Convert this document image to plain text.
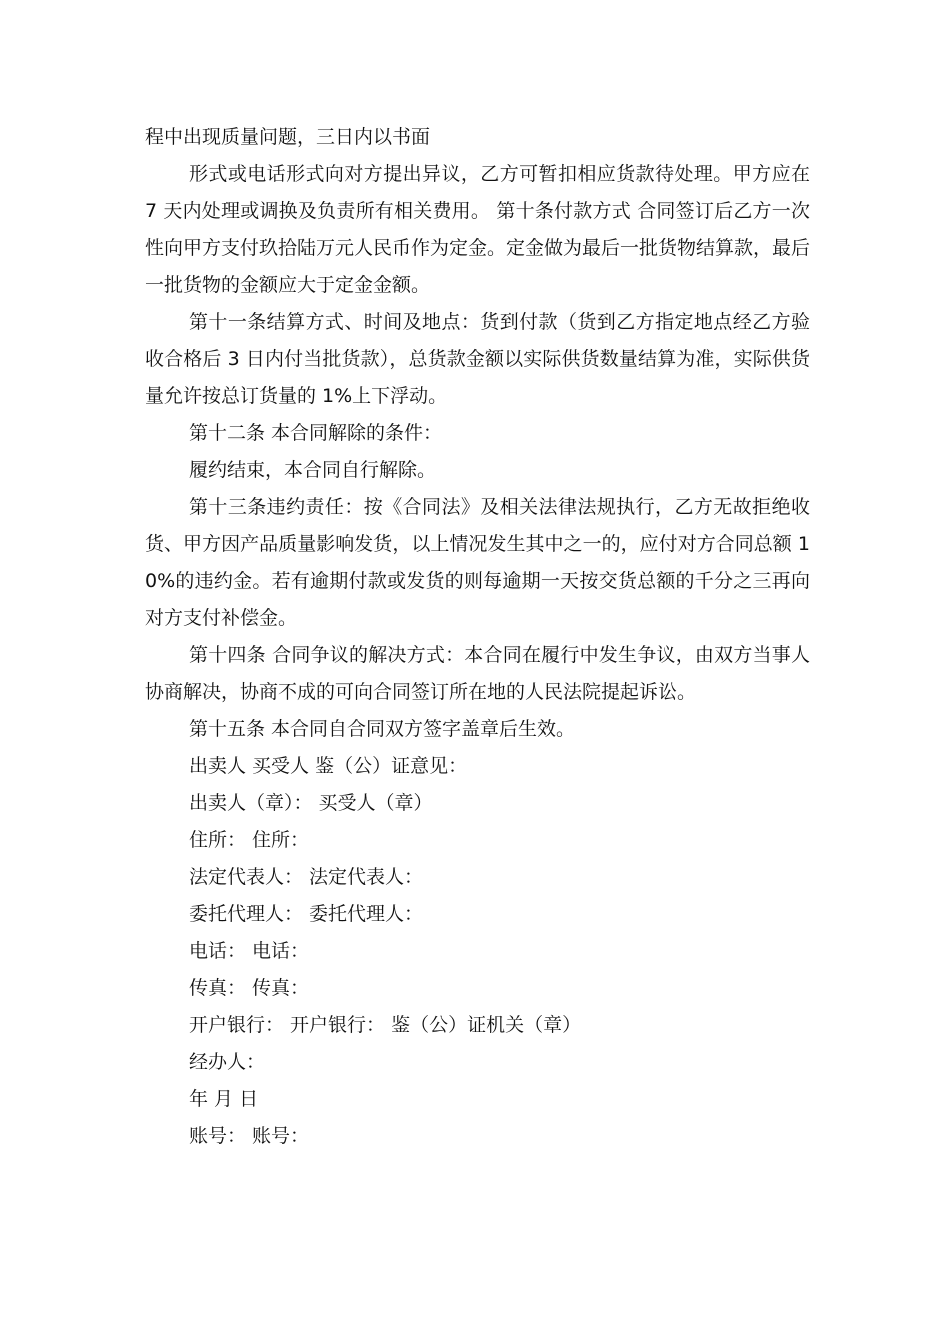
程中出现质量问题，三日内以书面

形式或电话形式向对方提出异议，乙方可暂扣相应货款待处理。甲方应在 7 天内处理或调换及负责所有相关费用。 第十条付款方式 合同签订后乙方一次性向甲方支付玖拾陆万元人民币作为定金。定金做为最后一批货物结算款，最后一批货物的金额应大于定金金额。

第十一条结算方式、时间及地点：货到付款（货到乙方指定地点经乙方验收合格后 3 日内付当批货款），总货款金额以实际供货数量结算为准，实际供货量允许按总订货量的 1%上下浮动。

第十二条 本合同解除的条件：

履约结束，本合同自行解除。

第十三条违约责任：按《合同法》及相关法律法规执行，乙方无故拒绝收货、甲方因产品质量影响发货，以上情况发生其中之一的，应付对方合同总额 10%的违约金。若有逾期付款或发货的则每逾期一天按交货总额的千分之三再向对方支付补偿金。

第十四条 合同争议的解决方式：本合同在履行中发生争议，由双方当事人协商解决，协商不成的可向合同签订所在地的人民法院提起诉讼。

第十五条 本合同自合同双方签字盖章后生效。

出卖人 买受人 鉴（公）证意见：

出卖人（章）： 买受人（章）

住所： 住所：

法定代表人： 法定代表人：

委托代理人： 委托代理人：

电话： 电话：

传真： 传真：

开户银行： 开户银行： 鉴（公）证机关（章）

经办人：

年 月 日

账号： 账号：
